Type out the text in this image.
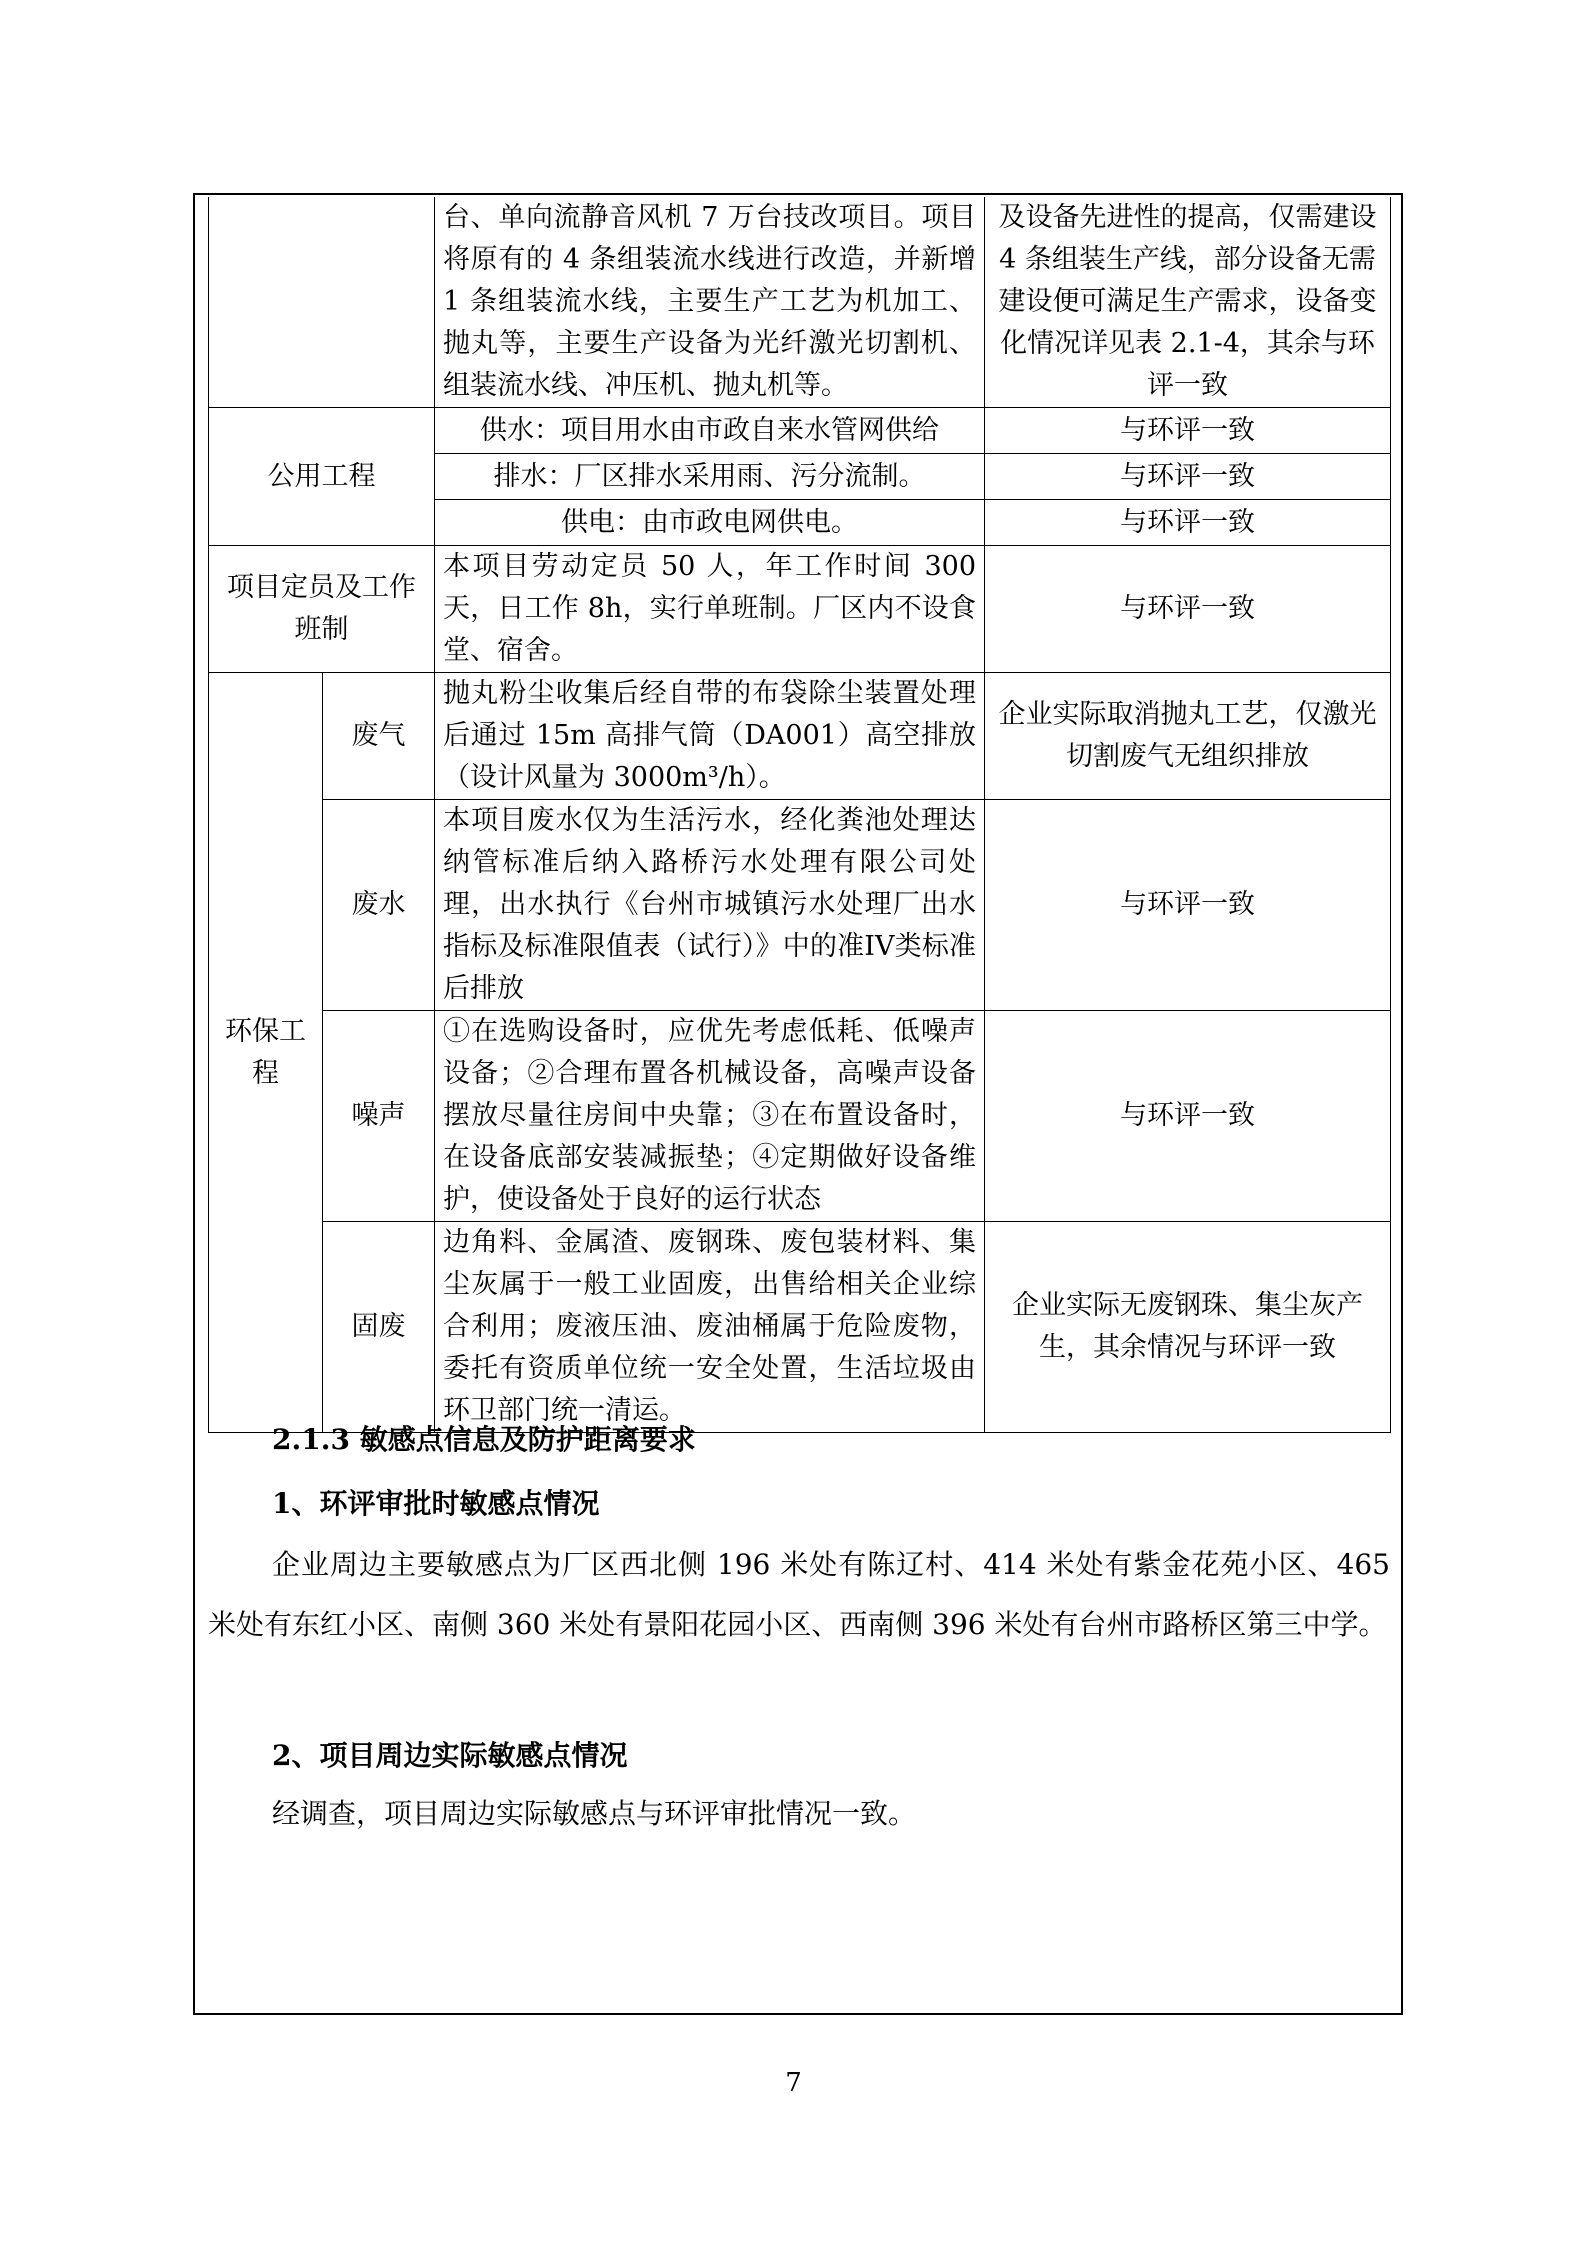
		台、单向流静音风机 7 万台技改项目。项目将原有的 4 条组装流水线进行改造，并新增 1 条组装流水线，主要生产工艺为机加工、抛丸等，主要生产设备为光纤激光切割机、组装流水线、冲压机、抛丸机等。	及设备先进性的提高，仅需建设 4 条组装生产线，部分设备无需建设便可满足生产需求，设备变化情况详见表 2.1-4，其余与环评一致
公用工程		供水：项目用水由市政自来水管网供给	与环评一致
		排水：厂区排水采用雨、污分流制。	与环评一致
		供电：由市政电网供电。	与环评一致
项目定员及工作班制		本项目劳动定员 50 人，年工作时间 300 天，日工作 8h，实行单班制。厂区内不设食堂、宿舍。	与环评一致
环保工程	废气	抛丸粉尘收集后经自带的布袋除尘装置处理后通过 15m 高排气筒（DA001）高空排放（设计风量为 3000m³/h）。	企业实际取消抛丸工艺，仅激光切割废气无组织排放
	废水	本项目废水仅为生活污水，经化粪池处理达纳管标准后纳入路桥污水处理有限公司处理，出水执行《台州市城镇污水处理厂出水指标及标准限值表（试行）》中的准IV类标准后排放	与环评一致
	噪声	①在选购设备时，应优先考虑低耗、低噪声设备；②合理布置各机械设备，高噪声设备摆放尽量往房间中央靠；③在布置设备时，在设备底部安装减振垫；④定期做好设备维护，使设备处于良好的运行状态	与环评一致
	固废	边角料、金属渣、废钢珠、废包装材料、集尘灰属于一般工业固废，出售给相关企业综合利用；废液压油、废油桶属于危险废物，委托有资质单位统一安全处置，生活垃圾由环卫部门统一清运。	企业实际无废钢珠、集尘灰产生，其余情况与环评一致
2.1.3 敏感点信息及防护距离要求
1、环评审批时敏感点情况
企业周边主要敏感点为厂区西北侧 196 米处有陈辽村、414 米处有紫金花苑小区、465 米处有东红小区、南侧 360 米处有景阳花园小区、西南侧 396 米处有台州市路桥区第三中学。
2、项目周边实际敏感点情况
经调查，项目周边实际敏感点与环评审批情况一致。
7
